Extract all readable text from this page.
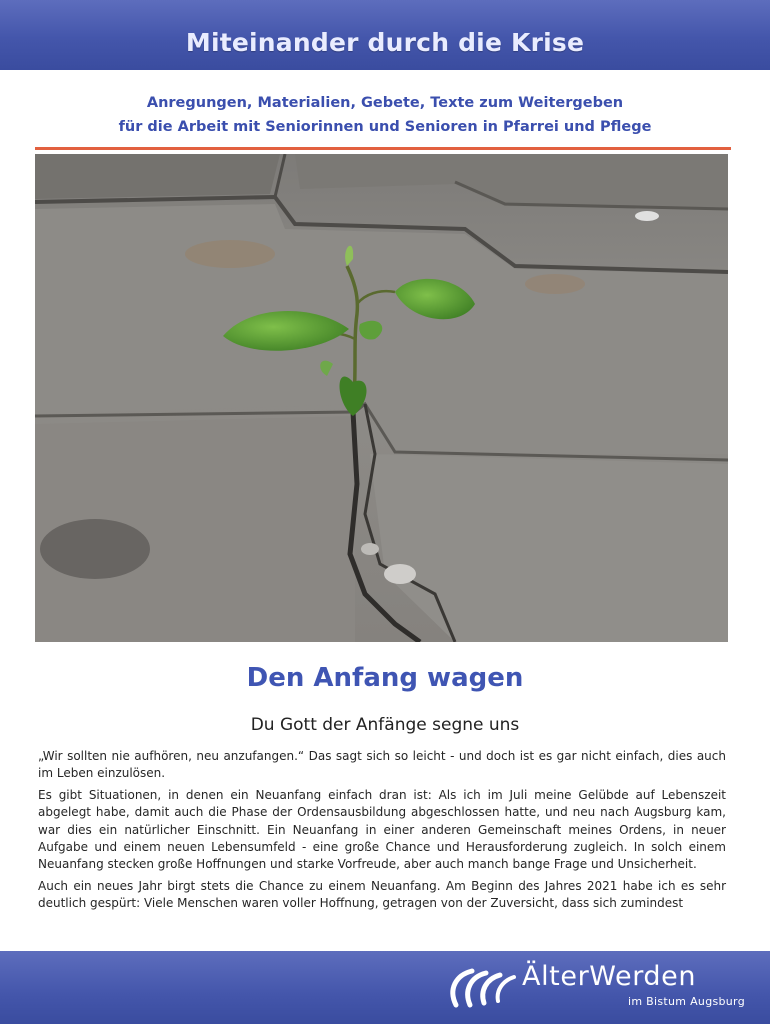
Miteinander durch die Krise
Anregungen, Materialien, Gebete, Texte zum Weitergeben
für die Arbeit mit Seniorinnen und Senioren in Pfarrei und Pflege
Den Anfang wagen
Du Gott der Anfänge segne uns

„Wir sollten nie aufhören, neu anzufangen.“ Das sagt sich so leicht - und doch ist es gar nicht einfach, dies auch im Leben einzulösen.

Es gibt Situationen, in denen ein Neuanfang einfach dran ist: Als ich im Juli meine Gelübde auf Lebenszeit abgelegt habe, damit auch die Phase der Ordensausbildung abgeschlossen hatte, und neu nach Augsburg kam, war dies ein natürlicher Einschnitt. Ein Neuanfang in einer anderen Gemeinschaft meines Ordens, in neuer Aufgabe und einem neuen Lebensumfeld - eine große Chance und Herausforderung zugleich. In solch einem Neuanfang stecken große Hoffnungen und starke Vorfreude, aber auch manch bange Frage und Unsicherheit.

Auch ein neues Jahr birgt stets die Chance zu einem Neuanfang. Am Beginn des Jahres 2021 habe ich es sehr deutlich gespürt: Viele Menschen waren voller Hoffnung, getragen von der Zuversicht, dass sich zumindest

ÄlterWerden
im Bistum Augsburg
